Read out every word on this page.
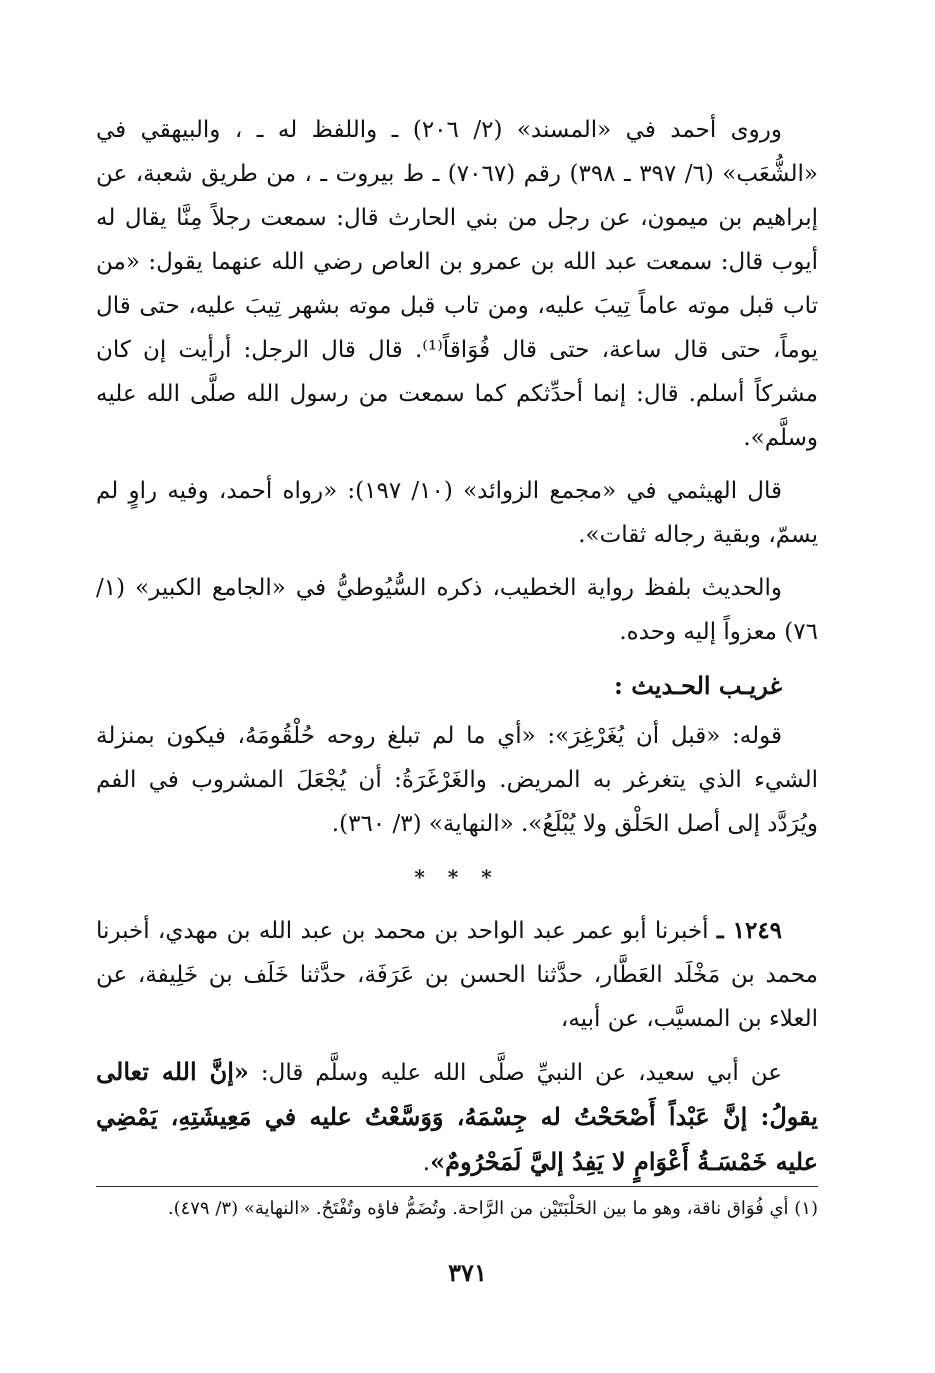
وروى أحمد في «المسند» (٢/ ٢٠٦) ـ واللفظ له ـ ، والبيهقي في «الشُّعَب» (٦/ ٣٩٧ ـ ٣٩٨) رقم (٧٠٦٧) ـ ط بيروت ـ ، من طريق شعبة، عن إبراهيم بن ميمون، عن رجل من بني الحارث قال: سمعت رجلاً مِنَّا يقال له أيوب قال: سمعت عبد الله بن عمرو بن العاص رضي الله عنهما يقول: «من تاب قبل موته عاماً تِيبَ عليه، ومن تاب قبل موته بشهر تِيبَ عليه، حتى قال يوماً، حتى قال ساعة، حتى قال فُوَاقاً⁽¹⁾. قال قال الرجل: أرأيت إن كان مشركاً أسلم. قال: إنما أحدِّثكم كما سمعت من رسول الله صلَّى الله عليه وسلَّم».

قال الهيثمي في «مجمع الزوائد» (١٠/ ١٩٧): «رواه أحمد، وفيه راوٍ لم يسمّ، وبقية رجاله ثقات».

والحديث بلفظ رواية الخطيب، ذكره السُّيُوطيُّ في «الجامع الكبير» (١/ ٧٦) معزواً إليه وحده.

غريـب الحـديث :

قوله: «قبل أن يُغَرْغِرَ»: «أي ما لم تبلغ روحه حُلْقُومَهُ، فيكون بمنزلة الشيء الذي يتغرغر به المريض. والغَرْغَرَةُ: أن يُجْعَلَ المشروب في الفم ويُرَدَّد إلى أصل الحَلْق ولا يُبْلَعُ». «النهاية» (٣/ ٣٦٠).

* * *

١٢٤٩ ـ أخبرنا أبو عمر عبد الواحد بن محمد بن عبد الله بن مهدي، أخبرنا محمد بن مَخْلَد العَطَّار، حدَّثنا الحسن بن عَرَفَة، حدَّثنا خَلَف بن خَلِيفة، عن العلاء بن المسيَّب، عن أبيه،

عن أبي سعيد، عن النبيِّ صلَّى الله عليه وسلَّم قال: «إنَّ الله تعالى يقولُ: إنَّ عَبْداً أَصْحَحْتُ له جِسْمَهُ، وَوَسَّعْتُ عليه في مَعِيشَتِهِ، يَمْضِي عليه خَمْسَـةُ أَعْوَامٍ لا يَفِدُ إليَّ لَمَحْرُومٌ».

(١) أي فُوَاق ناقة، وهو ما بين الحَلْبَتَيْن من الرَّاحة. وتُضَمُّ فاؤه وتُفْتَحُ. «النهاية» (٣/ ٤٧٩).
٣٧١
